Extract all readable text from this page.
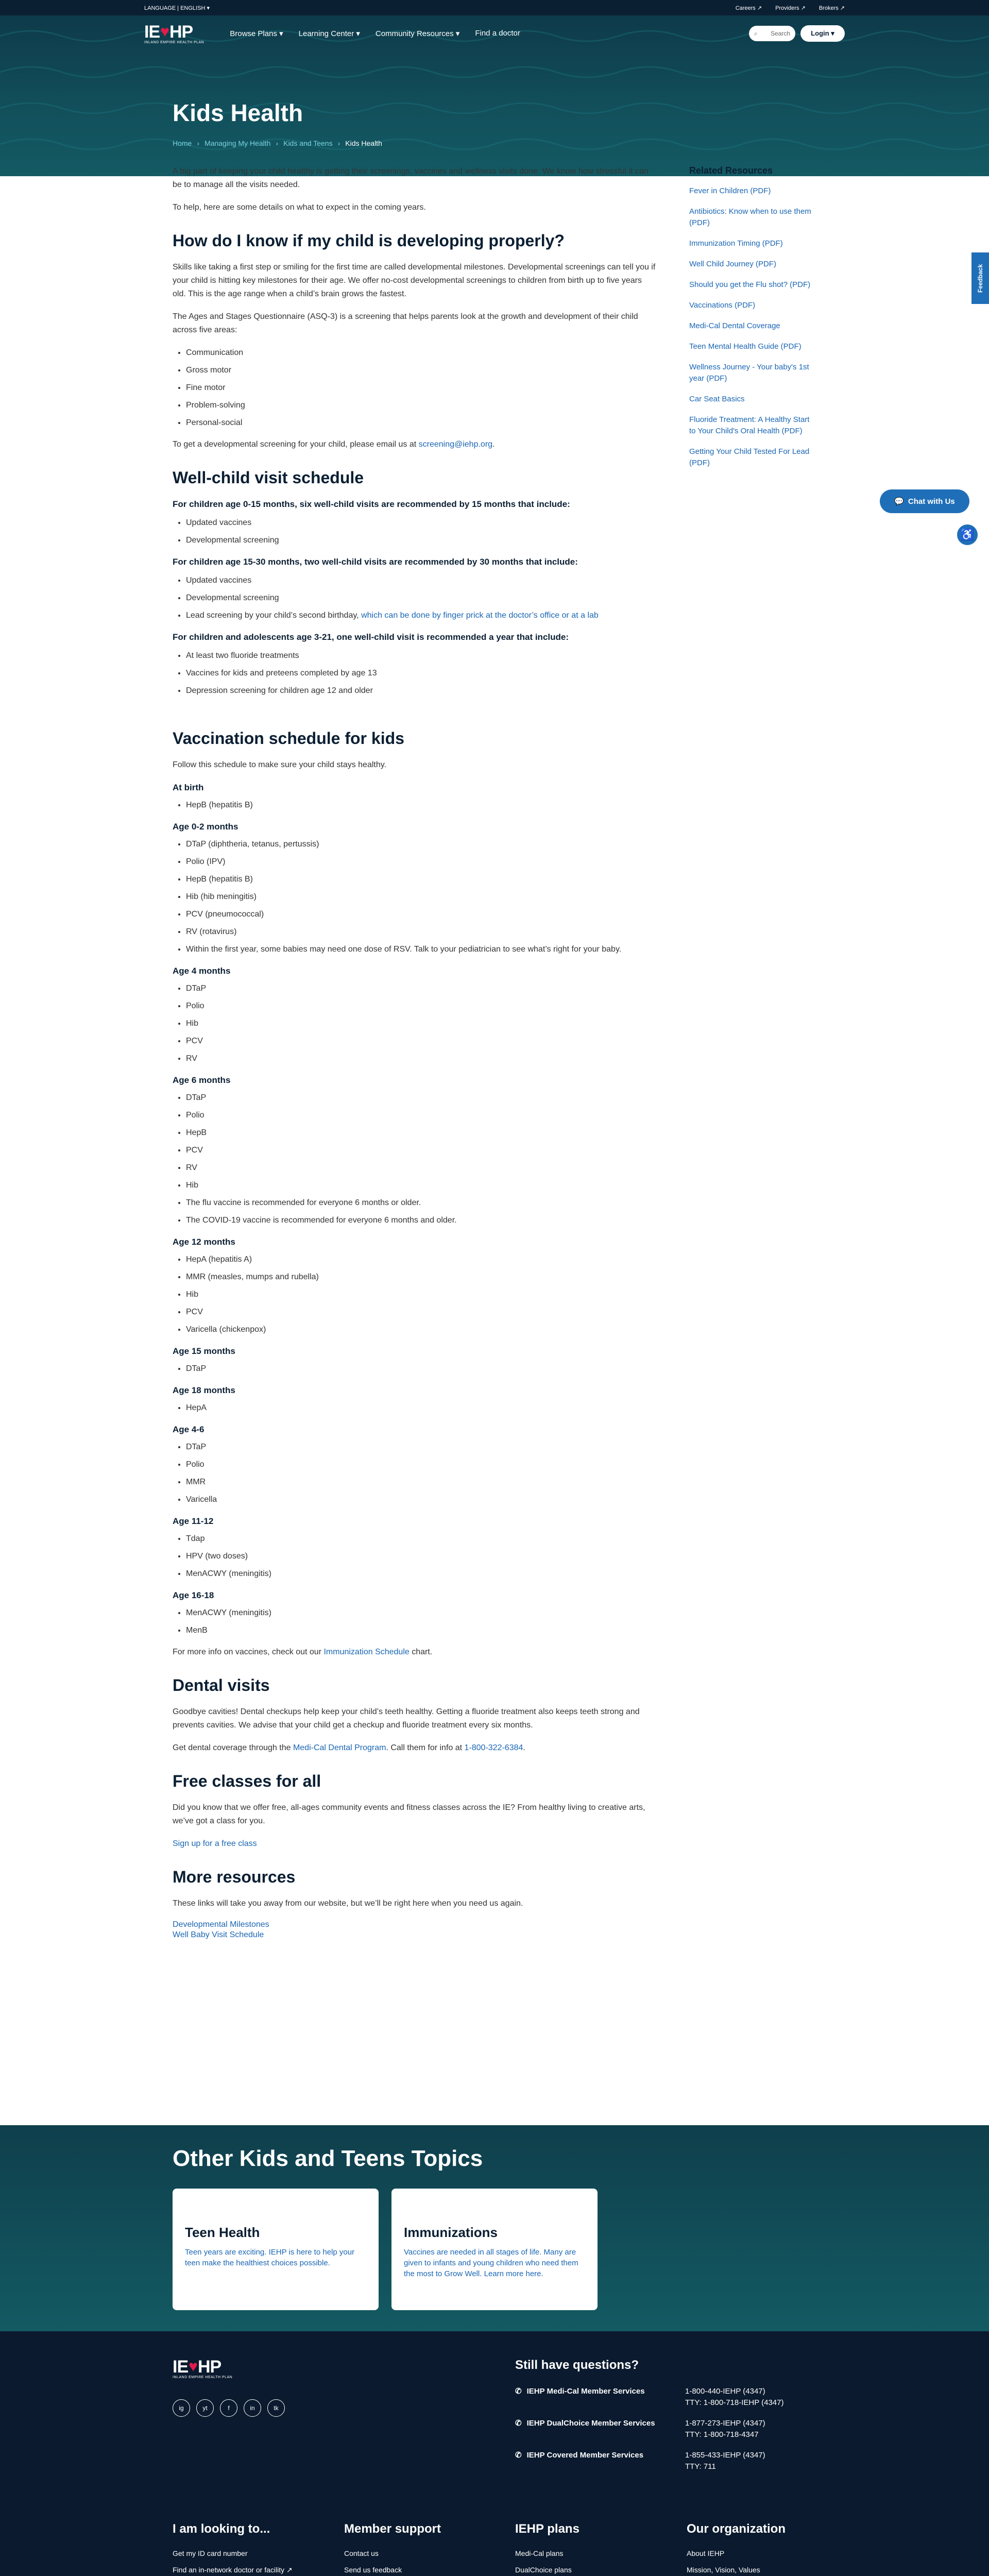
LANGUAGE | ENGLISH ▾	Careers ↗ Providers ↗ Brokers ↗
IE ♥ HP
INLAND EMPIRE HEALTH PLAN
Browse Plans ▾ Learning Center ▾ Community Resources ▾ Find a doctor	⌕ Search	Login ▾
Kids Health
Home › Managing My Health › Kids and Teens › Kids Health

A big part of keeping your child healthy is getting their screenings, vaccines and wellness visits done. We know how stressful it can be to manage all the visits needed.

To help, here are some details on what to expect in the coming years.

How do I know if my child is developing properly?

Skills like taking a first step or smiling for the first time are called developmental milestones. Developmental screenings can tell you if your child is hitting key milestones for their age. We offer no-cost developmental screenings to children from birth up to five years old. This is the age range when a child’s brain grows the fastest.

The Ages and Stages Questionnaire (ASQ-3) is a screening that helps parents look at the growth and development of their child across five areas:

• Communication
• Gross motor
• Fine motor
• Problem-solving
• Personal-social

To get a developmental screening for your child, please email us at screening@iehp.org.

Well-child visit schedule
For children age 0-15 months, six well-child visits are recommended by 15 months that include:
• Updated vaccines
• Developmental screening
For children age 15-30 months, two well-child visits are recommended by 30 months that include:
• Updated vaccines
• Developmental screening
• Lead screening by your child’s second birthday, which can be done by finger prick at the doctor’s office or at a lab
For children and adolescents age 3-21, one well-child visit is recommended a year that include:
• At least two fluoride treatments
• Vaccines for kids and preteens completed by age 13
• Depression screening for children age 12 and older
Vaccination schedule for kids

Follow this schedule to make sure your child stays healthy.

At birth
• HepB (hepatitis B)
Age 0-2 months
• DTaP (diphtheria, tetanus, pertussis)
• Polio (IPV)
• HepB (hepatitis B)
• Hib (hib meningitis)
• PCV (pneumococcal)
• RV (rotavirus)
• Within the first year, some babies may need one dose of RSV. Talk to your pediatrician to see what’s right for your baby.
Age 4 months
• DTaP
• Polio
• Hib
• PCV
• RV
Age 6 months
• DTaP
• Polio
• HepB
• PCV
• RV
• Hib
• The flu vaccine is recommended for everyone 6 months or older.
• The COVID-19 vaccine is recommended for everyone 6 months and older.
Age 12 months
• HepA (hepatitis A)
• MMR (measles, mumps and rubella)
• Hib
• PCV
• Varicella (chickenpox)
Age 15 months
• DTaP
Age 18 months
• HepA
Age 4-6
• DTaP
• Polio
• MMR
• Varicella
Age 11-12
• Tdap
• HPV (two doses)
• MenACWY (meningitis)
Age 16-18
• MenACWY (meningitis)
• MenB

For more info on vaccines, check out our Immunization Schedule chart.

Dental visits

Goodbye cavities! Dental checkups help keep your child’s teeth healthy. Getting a fluoride treatment also keeps teeth strong and prevents cavities. We advise that your child get a checkup and fluoride treatment every six months.

Get dental coverage through the Medi-Cal Dental Program. Call them for info at 1-800-322-6384.

Free classes for all

Did you know that we offer free, all-ages community events and fitness classes across the IE? From healthy living to creative arts, we’ve got a class for you.

Sign up for a free class

More resources

These links will take you away from our website, but we’ll be right here when you need us again.

Developmental Milestones
Well Baby Visit Schedule
Related Resources
Fever in Children (PDF)
Antibiotics: Know when to use them (PDF)
Immunization Timing (PDF)
Well Child Journey (PDF)
Should you get the Flu shot? (PDF)
Vaccinations (PDF)
Medi-Cal Dental Coverage
Teen Mental Health Guide (PDF)
Wellness Journey - Your baby's 1st year (PDF)
Car Seat Basics
Fluoride Treatment: A Healthy Start to Your Child's Oral Health (PDF)
Getting Your Child Tested For Lead (PDF)
Feedback
💬 Chat with Us
♿
Other Kids and Teens Topics
Teen Health

Teen years are exciting. IEHP is here to help your teen make the healthiest choices possible.

Immunizations

Vaccines are needed in all stages of life. Many are given to infants and young children who need them the most to Grow Well. Learn more here.

IE ♥ HP
INLAND EMPIRE HEALTH PLAN
ig	yt	f	in	tk
Still have questions?
✆ IEHP Medi-Cal Member Services	1-800-440-IEHP (4347)
TTY: 1-800-718-IEHP (4347)
✆ IEHP DualChoice Member Services	1-877-273-IEHP (4347)
TTY: 1-800-718-4347
✆ IEHP Covered Member Services	1-855-433-IEHP (4347)
TTY: 711
I am looking to...
Get my ID card number
Find an in-network doctor or facility ↗
Member support
Contact us
Send us feedback
IEHP plans
Medi-Cal plans
DualChoice plans
Our organization
About IEHP
Mission, Vision, Values
